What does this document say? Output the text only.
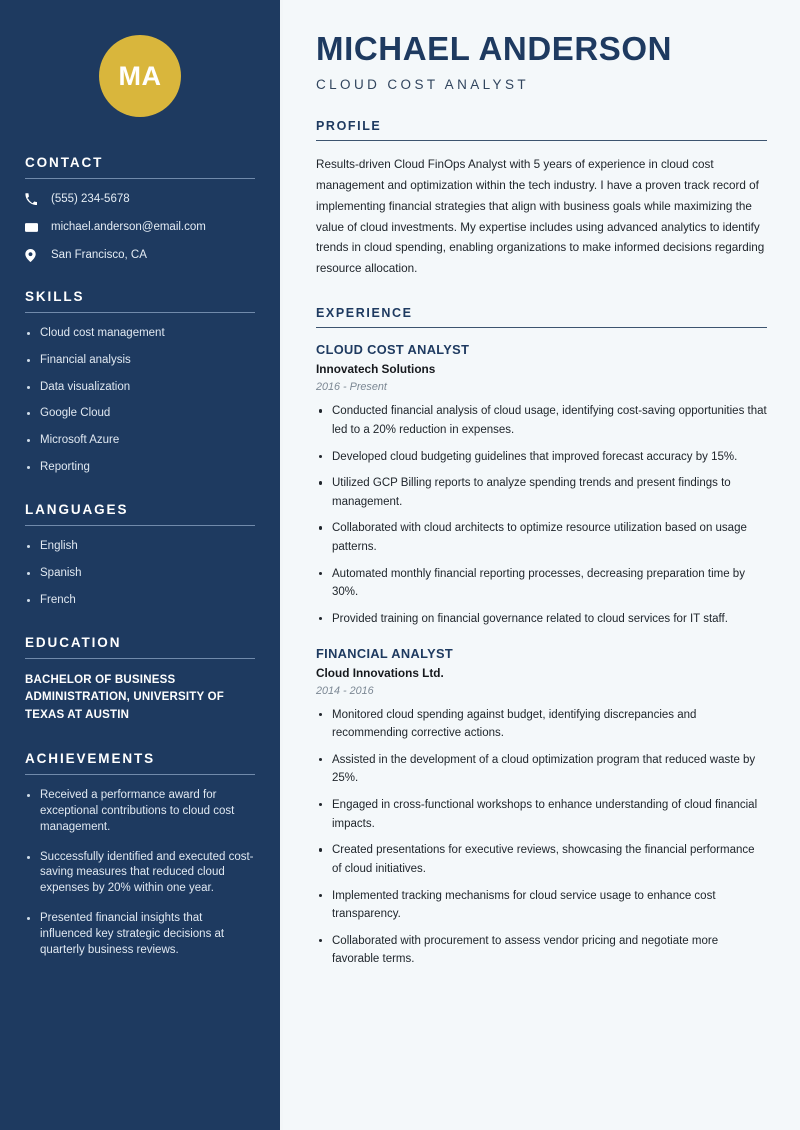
MA
CONTACT
(555) 234-5678
michael.anderson@email.com
San Francisco, CA
SKILLS
Cloud cost management
Financial analysis
Data visualization
Google Cloud
Microsoft Azure
Reporting
LANGUAGES
English
Spanish
French
EDUCATION
BACHELOR OF BUSINESS ADMINISTRATION, UNIVERSITY OF TEXAS AT AUSTIN
ACHIEVEMENTS
Received a performance award for exceptional contributions to cloud cost management.
Successfully identified and executed cost-saving measures that reduced cloud expenses by 20% within one year.
Presented financial insights that influenced key strategic decisions at quarterly business reviews.
MICHAEL ANDERSON
CLOUD COST ANALYST
PROFILE

Results-driven Cloud FinOps Analyst with 5 years of experience in cloud cost management and optimization within the tech industry. I have a proven track record of implementing financial strategies that align with business goals while maximizing the value of cloud investments. My expertise includes using advanced analytics to identify trends in cloud spending, enabling organizations to make informed decisions regarding resource allocation.

EXPERIENCE
CLOUD COST ANALYST
Innovatech Solutions
2016 - Present
Conducted financial analysis of cloud usage, identifying cost-saving opportunities that led to a 20% reduction in expenses.
Developed cloud budgeting guidelines that improved forecast accuracy by 15%.
Utilized GCP Billing reports to analyze spending trends and present findings to management.
Collaborated with cloud architects to optimize resource utilization based on usage patterns.
Automated monthly financial reporting processes, decreasing preparation time by 30%.
Provided training on financial governance related to cloud services for IT staff.
FINANCIAL ANALYST
Cloud Innovations Ltd.
2014 - 2016
Monitored cloud spending against budget, identifying discrepancies and recommending corrective actions.
Assisted in the development of a cloud optimization program that reduced waste by 25%.
Engaged in cross-functional workshops to enhance understanding of cloud financial impacts.
Created presentations for executive reviews, showcasing the financial performance of cloud initiatives.
Implemented tracking mechanisms for cloud service usage to enhance cost transparency.
Collaborated with procurement to assess vendor pricing and negotiate more favorable terms.
